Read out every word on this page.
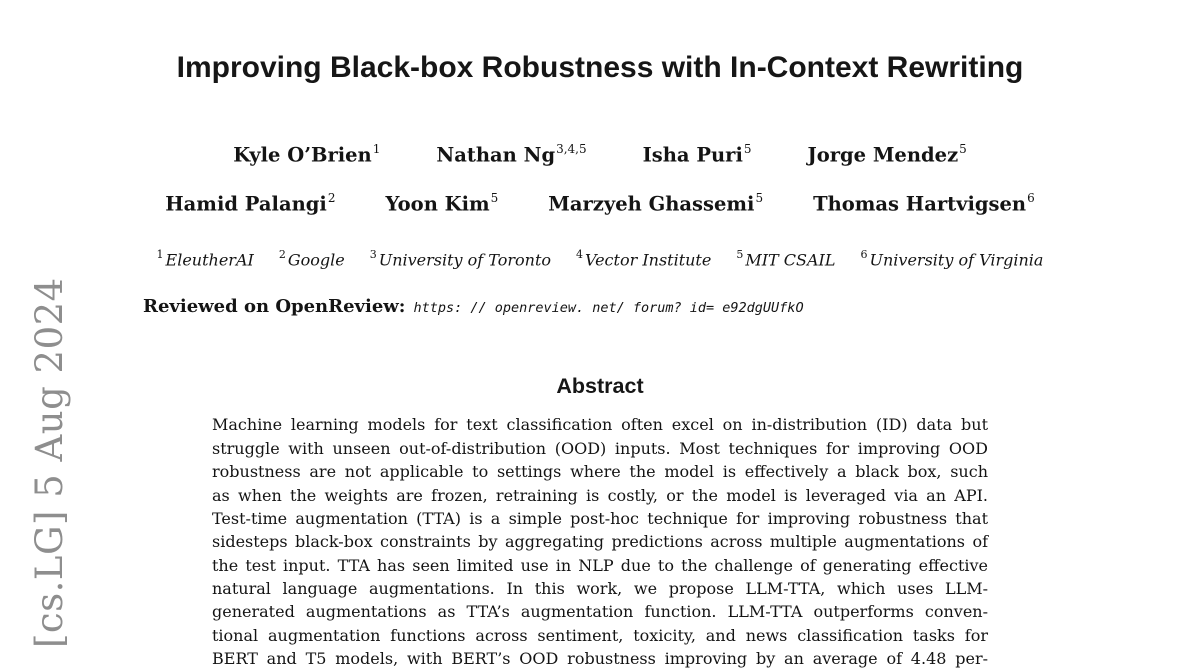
[cs.LG] 5 Aug 2024
Improving Black-box Robustness with In-Context Rewriting
Kyle O’Brien$^1$	Nathan Ng$^{3,4,5}$	Isha Puri$^5$	Jorge Mendez$^5$
Hamid Palangi$^2$	Yoon Kim$^5$	Marzyeh Ghassemi$^5$	Thomas Hartvigsen$^6$
$^1$ EleutherAI $^2$ Google $^3$ University of Toronto $^4$ Vector Institute $^5$ MIT CSAIL $^6$ University of Virginia
Reviewed on OpenReview: https: // openreview. net/ forum? id= e92dgUUfkO
Abstract
Machine learning models for text classification often excel on in-distribution (ID) data but
struggle with unseen out-of-distribution (OOD) inputs. Most techniques for improving OOD
robustness are not applicable to settings where the model is effectively a black box, such
as when the weights are frozen, retraining is costly, or the model is leveraged via an API.
Test-time augmentation (TTA) is a simple post-hoc technique for improving robustness that
sidesteps black-box constraints by aggregating predictions across multiple augmentations of
the test input. TTA has seen limited use in NLP due to the challenge of generating effective
natural language augmentations. In this work, we propose LLM-TTA, which uses LLM-
generated augmentations as TTA’s augmentation function. LLM-TTA outperforms conven-
tional augmentation functions across sentiment, toxicity, and news classification tasks for
BERT and T5 models, with BERT’s OOD robustness improving by an average of 4.48 per-
